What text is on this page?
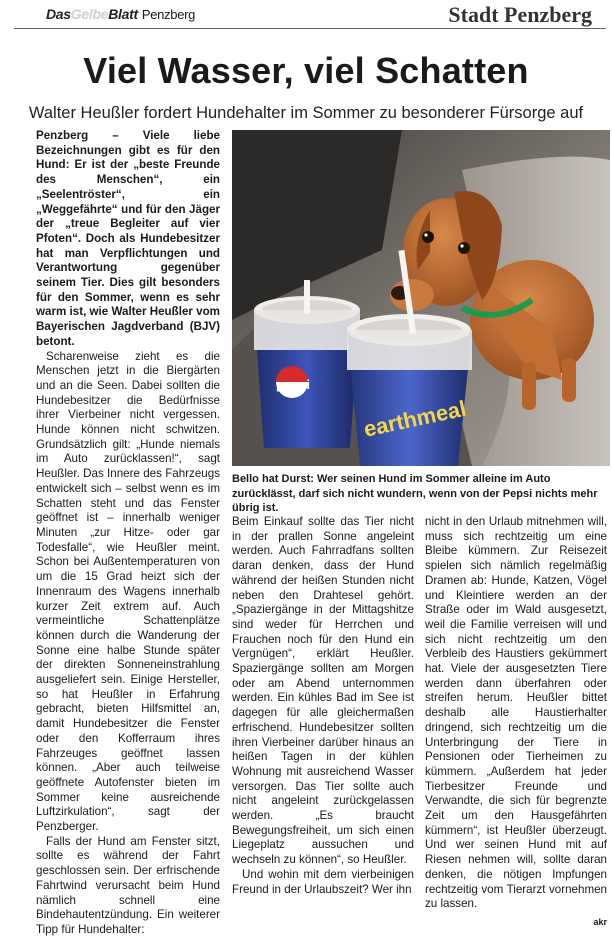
DasGelbeBlatt Penzberg	Stadt Penzberg
Viel Wasser, viel Schatten
Walter Heußler fordert Hundehalter im Sommer zu besonderer Fürsorge auf

Penzberg – Viele liebe Bezeichnungen gibt es für den Hund: Er ist der „beste Freunde des Menschen“, ein „Seelentröster“, ein „Weggefährte“ und für den Jäger der „treue Begleiter auf vier Pfoten“. Doch als Hundebesitzer hat man Verpflichtungen und Verantwortung gegenüber seinem Tier. Dies gilt besonders für den Sommer, wenn es sehr warm ist, wie Walter Heußler vom Bayerischen Jagdverband (BJV) betont.

Scharenweise zieht es die Menschen jetzt in die Biergärten und an die Seen. Dabei sollten die Hundebesitzer die Bedürfnisse ihrer Vierbeiner nicht vergessen. Hunde können nicht schwitzen. Grundsätzlich gilt: „Hunde niemals im Auto zurücklassen!“, sagt Heußler. Das Innere des Fahrzeugs entwickelt sich – selbst wenn es im Schatten steht und das Fenster geöffnet ist – innerhalb weniger Minuten „zur Hitze- oder gar Todesfalle“, wie Heußler meint. Schon bei Außentemperaturen von um die 15 Grad heizt sich der Innenraum des Wagens innerhalb kurzer Zeit extrem auf. Auch vermeintliche Schattenplätze können durch die Wanderung der Sonne eine halbe Stunde später der direkten Sonneneinstrahlung ausgeliefert sein. Einige Hersteller, so hat Heußler in Erfahrung gebracht, bieten Hilfsmittel an, damit Hundebesitzer die Fenster oder den Kofferraum ihres Fahrzeuges geöffnet lassen können. „Aber auch teilweise geöffnete Autofenster bieten im Sommer keine ausreichende Luftzirkulation“, sagt der Penzberger.

Falls der Hund am Fenster sitzt, sollte es während der Fahrt geschlossen sein. Der erfrischende Fahrtwind verursacht beim Hund nämlich schnell eine Bindehautentzündung. Ein weiterer Tipp für Hundehalter:

pepsi
earthmeal
Bello hat Durst: Wer seinen Hund im Sommer alleine im Auto zurücklässt, darf sich nicht wundern, wenn von der Pepsi nichts mehr übrig ist.

Beim Einkauf sollte das Tier nicht in der prallen Sonne angeleint werden. Auch Fahrradfans sollten daran denken, dass der Hund während der heißen Stunden nicht neben den Drahtesel gehört. „Spaziergänge in der Mittagshitze sind weder für Herrchen und Frauchen noch für den Hund ein Vergnügen“, erklärt Heußler. Spaziergänge sollten am Morgen oder am Abend unternommen werden. Ein kühles Bad im See ist dagegen für alle gleichermaßen erfrischend. Hundebesitzer sollten ihren Vierbeiner darüber hinaus an heißen Tagen in der kühlen Wohnung mit ausreichend Wasser versorgen. Das Tier sollte auch nicht angeleint zurückgelassen werden. „Es braucht Bewegungsfreiheit, um sich einen Liegeplatz aussuchen und wechseln zu können“, so Heußler.

Und wohin mit dem vierbeinigen Freund in der Urlaubszeit? Wer ihn

nicht in den Urlaub mitnehmen will, muss sich rechtzeitig um eine Bleibe kümmern. Zur Reisezeit spielen sich nämlich regelmäßig Dramen ab: Hunde, Katzen, Vögel und Kleintiere werden an der Straße oder im Wald ausgesetzt, weil die Familie verreisen will und sich nicht rechtzeitig um den Verbleib des Haustiers gekümmert hat. Viele der ausgesetzten Tiere werden dann überfahren oder streifen herum. Heußler bittet deshalb alle Haustierhalter dringend, sich rechtzeitig um die Unterbringung der Tiere in Pensionen oder Tierheimen zu kümmern. „Außerdem hat jeder Tierbesitzer Freunde und Verwandte, die sich für begrenzte Zeit um den Hausgefährten kümmern“, ist Heußler überzeugt. Und wer seinen Hund mit auf Riesen nehmen will, sollte daran denken, die nötigen Impfungen rechtzeitig vom Tierarzt vornehmen zu lassen.

akr
